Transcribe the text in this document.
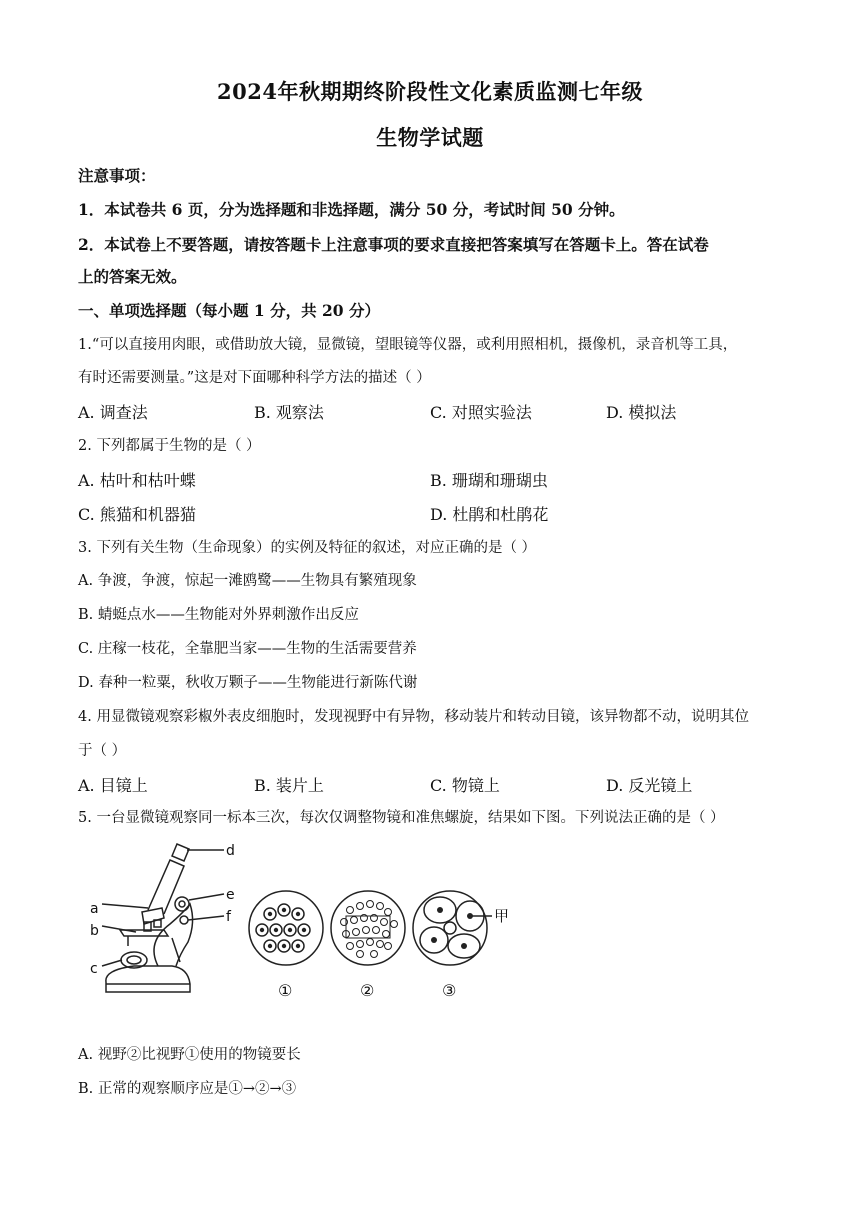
2024年秋期期终阶段性文化素质监测七年级
生物学试题
注意事项：
1．本试卷共 6 页，分为选择题和非选择题，满分 50 分，考试时间 50 分钟。
2．本试卷上不要答题，请按答题卡上注意事项的要求直接把答案填写在答题卡上。答在试卷
上的答案无效。
一、单项选择题（每小题 1 分，共 20 分）
1.“可以直接用肉眼，或借助放大镜，显微镜，望眼镜等仪器，或利用照相机，摄像机，录音机等工具，
有时还需要测量。”这是对下面哪种科学方法的描述（ ）
A. 调查法	B. 观察法	C. 对照实验法	D. 模拟法
2. 下列都属于生物的是（ ）
A. 枯叶和枯叶蝶	B. 珊瑚和珊瑚虫
C. 熊猫和机器猫	D. 杜鹃和杜鹃花
3. 下列有关生物（生命现象）的实例及特征的叙述，对应正确的是（ ）
A. 争渡，争渡，惊起一滩鸥鹭——生物具有繁殖现象
B. 蜻蜓点水——生物能对外界刺激作出反应
C. 庄稼一枝花，全靠肥当家——生物的生活需要营养
D. 春种一粒粟，秋收万颗子——生物能进行新陈代谢
4. 用显微镜观察彩椒外表皮细胞时，发现视野中有异物，移动装片和转动目镜，该异物都不动，说明其位
于（ ）
A. 目镜上	B. 装片上	C. 物镜上	D. 反光镜上
5. 一台显微镜观察同一标本三次，每次仅调整物镜和准焦螺旋，结果如下图。下列说法正确的是（ ）
d
e
f
a
b
c
甲
①	②	③
A. 视野②比视野①使用的物镜要长
B. 正常的观察顺序应是①→②→③
